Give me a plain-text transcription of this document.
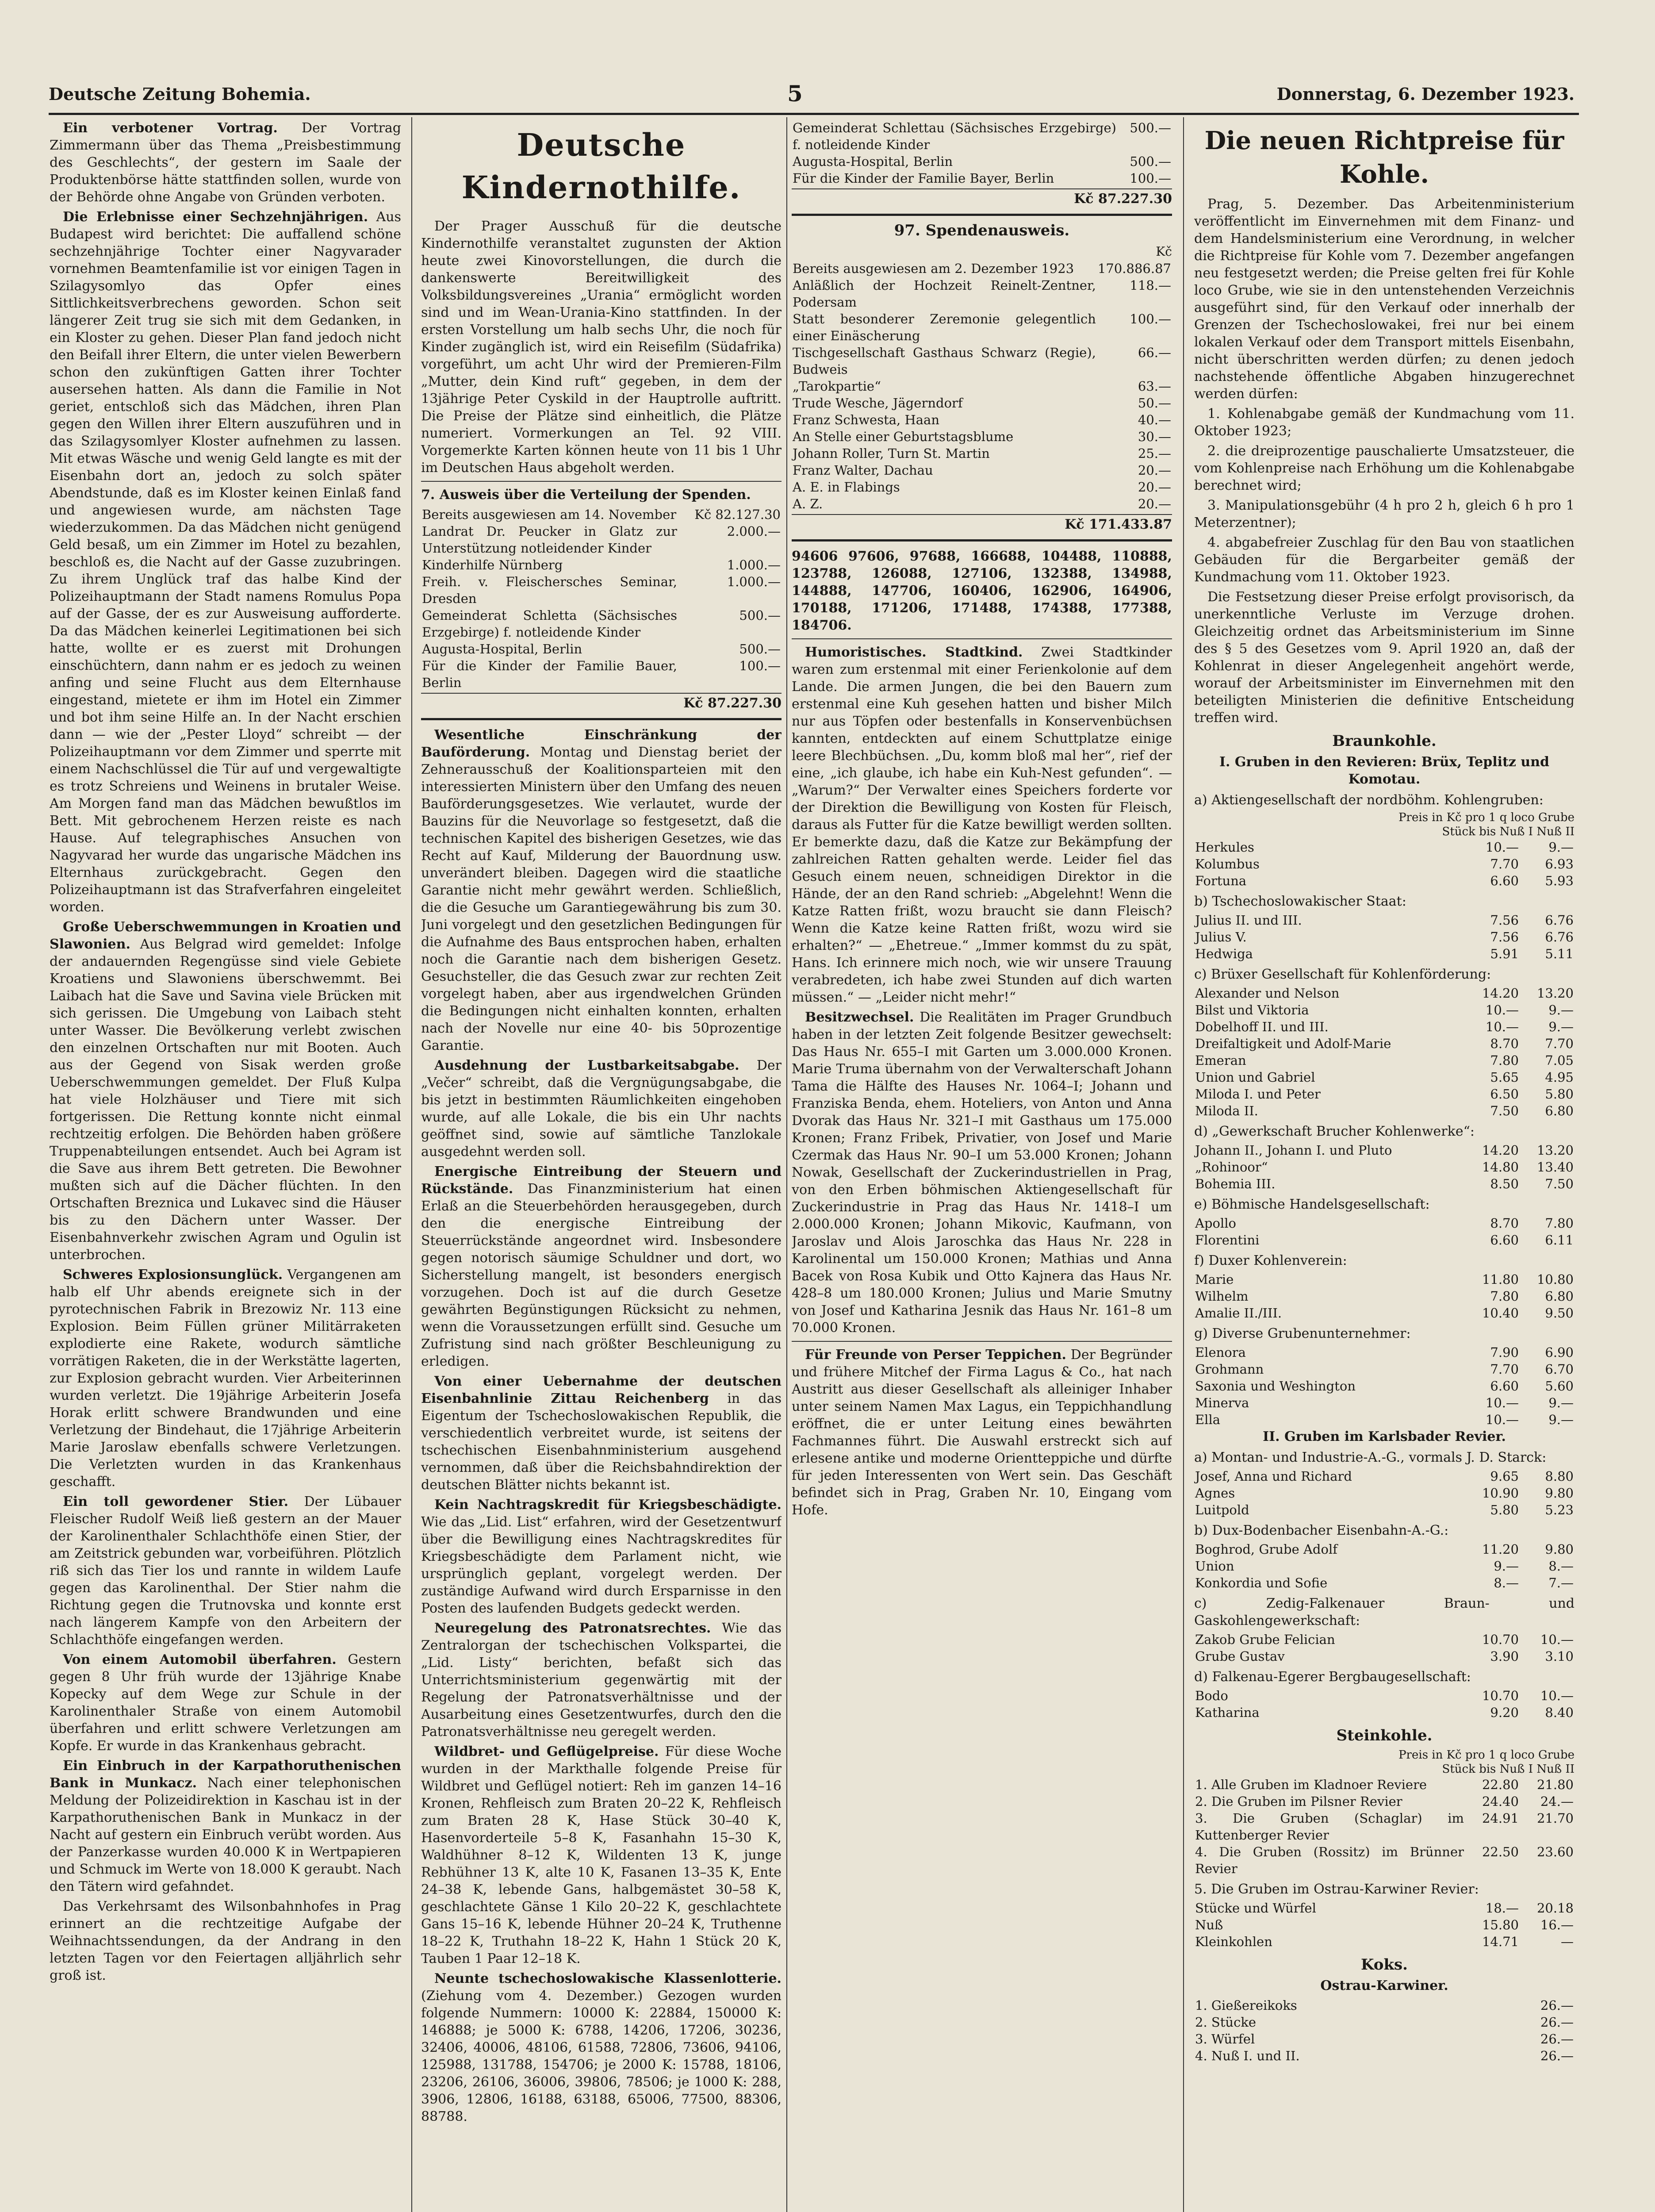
Deutsche Zeitung Bohemia.	5	Donnerstag, 6. Dezember 1923.

Ein verbotener Vortrag. Der Vortrag Zimmermann über das Thema „Preisbestimmung des Geschlechts“, der gestern im Saale der Produktenbörse hätte stattfinden sollen, wurde von der Behörde ohne Angabe von Gründen verboten.

Die Erlebnisse einer Sechzehnjährigen. Aus Budapest wird berichtet: Die auffallend schöne sechzehnjährige Tochter einer Nagyvarader vornehmen Beamtenfamilie ist vor einigen Tagen in Szilagysomlyo das Opfer eines Sittlichkeitsverbrechens geworden. Schon seit längerer Zeit trug sie sich mit dem Gedanken, in ein Kloster zu gehen. Dieser Plan fand jedoch nicht den Beifall ihrer Eltern, die unter vielen Bewerbern schon den zukünftigen Gatten ihrer Tochter ausersehen hatten. Als dann die Familie in Not geriet, entschloß sich das Mädchen, ihren Plan gegen den Willen ihrer Eltern auszuführen und in das Szilagysomlyer Kloster aufnehmen zu lassen. Mit etwas Wäsche und wenig Geld langte es mit der Eisenbahn dort an, jedoch zu solch später Abendstunde, daß es im Kloster keinen Einlaß fand und angewiesen wurde, am nächsten Tage wiederzukommen. Da das Mädchen nicht genügend Geld besaß, um ein Zimmer im Hotel zu bezahlen, beschloß es, die Nacht auf der Gasse zuzubringen. Zu ihrem Unglück traf das halbe Kind der Polizeihauptmann der Stadt namens Romulus Popa auf der Gasse, der es zur Ausweisung aufforderte. Da das Mädchen keinerlei Legitimationen bei sich hatte, wollte er es zuerst mit Drohungen einschüchtern, dann nahm er es jedoch zu weinen anfing und seine Flucht aus dem Elternhause eingestand, mietete er ihm im Hotel ein Zimmer und bot ihm seine Hilfe an. In der Nacht erschien dann — wie der „Pester Lloyd“ schreibt — der Polizeihauptmann vor dem Zimmer und sperrte mit einem Nachschlüssel die Tür auf und vergewaltigte es trotz Schreiens und Weinens in brutaler Weise. Am Morgen fand man das Mädchen bewußtlos im Bett. Mit gebrochenem Herzen reiste es nach Hause. Auf telegraphisches Ansuchen von Nagyvarad her wurde das ungarische Mädchen ins Elternhaus zurückgebracht. Gegen den Polizeihauptmann ist das Strafverfahren eingeleitet worden.

Große Ueberschwemmungen in Kroatien und Slawonien. Aus Belgrad wird gemeldet: Infolge der andauernden Regengüsse sind viele Gebiete Kroatiens und Slawoniens überschwemmt. Bei Laibach hat die Save und Savina viele Brücken mit sich gerissen. Die Umgebung von Laibach steht unter Wasser. Die Bevölkerung verlebt zwischen den einzelnen Ortschaften nur mit Booten. Auch aus der Gegend von Sisak werden große Ueberschwemmungen gemeldet. Der Fluß Kulpa hat viele Holzhäuser und Tiere mit sich fortgerissen. Die Rettung konnte nicht einmal rechtzeitig erfolgen. Die Behörden haben größere Truppenabteilungen entsendet. Auch bei Agram ist die Save aus ihrem Bett getreten. Die Bewohner mußten sich auf die Dächer flüchten. In den Ortschaften Breznica und Lukavec sind die Häuser bis zu den Dächern unter Wasser. Der Eisenbahnverkehr zwischen Agram und Ogulin ist unterbrochen.

Schweres Explosionsunglück. Vergangenen am halb elf Uhr abends ereignete sich in der pyrotechnischen Fabrik in Brezowiz Nr. 113 eine Explosion. Beim Füllen grüner Militärraketen explodierte eine Rakete, wodurch sämtliche vorrätigen Raketen, die in der Werkstätte lagerten, zur Explosion gebracht wurden. Vier Arbeiterinnen wurden verletzt. Die 19jährige Arbeiterin Josefa Horak erlitt schwere Brandwunden und eine Verletzung der Bindehaut, die 17jährige Arbeiterin Marie Jaroslaw ebenfalls schwere Verletzungen. Die Verletzten wurden in das Krankenhaus geschafft.

Ein toll gewordener Stier. Der Lübauer Fleischer Rudolf Weiß ließ gestern an der Mauer der Karolinenthaler Schlachthöfe einen Stier, der am Zeitstrick gebunden war, vorbeiführen. Plötzlich riß sich das Tier los und rannte in wildem Laufe gegen das Karolinenthal. Der Stier nahm die Richtung gegen die Trutnovska und konnte erst nach längerem Kampfe von den Arbeitern der Schlachthöfe eingefangen werden.

Von einem Automobil überfahren. Gestern gegen 8 Uhr früh wurde der 13jährige Knabe Kopecky auf dem Wege zur Schule in der Karolinenthaler Straße von einem Automobil überfahren und erlitt schwere Verletzungen am Kopfe. Er wurde in das Krankenhaus gebracht.

Ein Einbruch in der Karpathoruthenischen Bank in Munkacz. Nach einer telephonischen Meldung der Polizeidirektion in Kaschau ist in der Karpathoruthenischen Bank in Munkacz in der Nacht auf gestern ein Einbruch verübt worden. Aus der Panzerkasse wurden 40.000 K in Wertpapieren und Schmuck im Werte von 18.000 K geraubt. Nach den Tätern wird gefahndet.

Das Verkehrsamt des Wilsonbahnhofes in Prag erinnert an die rechtzeitige Aufgabe der Weihnachtssendungen, da der Andrang in den letzten Tagen vor den Feiertagen alljährlich sehr groß ist.

Deutsche Kindernothilfe.

Der Prager Ausschuß für die deutsche Kindernothilfe veranstaltet zugunsten der Aktion heute zwei Kinovorstellungen, die durch die dankenswerte Bereitwilligkeit des Volksbildungsvereines „Urania“ ermöglicht worden sind und im Wean-Urania-Kino stattfinden. In der ersten Vorstellung um halb sechs Uhr, die noch für Kinder zugänglich ist, wird ein Reisefilm (Südafrika) vorgeführt, um acht Uhr wird der Premieren-Film „Mutter, dein Kind ruft“ gegeben, in dem der 13jährige Peter Cyskild in der Hauptrolle auftritt. Die Preise der Plätze sind einheitlich, die Plätze numeriert. Vormerkungen an Tel. 92 VIII. Vorgemerkte Karten können heute von 11 bis 1 Uhr im Deutschen Haus abgeholt werden.

7. Ausweis über die Verteilung der Spenden.

Bereits ausgewiesen am 14. November	Kč 82.127.30
Landrat Dr. Peucker in Glatz zur Unterstützung notleidender Kinder	2.000.—
Kinderhilfe Nürnberg	1.000.—
Freih. v. Fleischersches Seminar, Dresden	1.000.—
Gemeinderat Schletta (Sächsisches Erzgebirge) f. notleidende Kinder	500.—
Augusta-Hospital, Berlin	500.—
Für die Kinder der Familie Bauer, Berlin	100.—
Kč 87.227.30

Wesentliche Einschränkung der Bauförderung. Montag und Dienstag beriet der Zehnerausschuß der Koalitionsparteien mit den interessierten Ministern über den Umfang des neuen Bauförderungsgesetzes. Wie verlautet, wurde der Bauzins für die Neuvorlage so festgesetzt, daß die technischen Kapitel des bisherigen Gesetzes, wie das Recht auf Kauf, Milderung der Bauordnung usw. unverändert bleiben. Dagegen wird die staatliche Garantie nicht mehr gewährt werden. Schließlich, die die Gesuche um Garantiegewährung bis zum 30. Juni vorgelegt und den gesetzlichen Bedingungen für die Aufnahme des Baus entsprochen haben, erhalten noch die Garantie nach dem bisherigen Gesetz. Gesuchsteller, die das Gesuch zwar zur rechten Zeit vorgelegt haben, aber aus irgendwelchen Gründen die Bedingungen nicht einhalten konnten, erhalten nach der Novelle nur eine 40- bis 50prozentige Garantie.

Ausdehnung der Lustbarkeitsabgabe. Der „Večer“ schreibt, daß die Vergnügungsabgabe, die bis jetzt in bestimmten Räumlichkeiten eingehoben wurde, auf alle Lokale, die bis ein Uhr nachts geöffnet sind, sowie auf sämtliche Tanzlokale ausgedehnt werden soll.

Energische Eintreibung der Steuern und Rückstände. Das Finanzministerium hat einen Erlaß an die Steuerbehörden herausgegeben, durch den die energische Eintreibung der Steuerrückstände angeordnet wird. Insbesondere gegen notorisch säumige Schuldner und dort, wo Sicherstellung mangelt, ist besonders energisch vorzugehen. Doch ist auf die durch Gesetze gewährten Begünstigungen Rücksicht zu nehmen, wenn die Voraussetzungen erfüllt sind. Gesuche um Zufristung sind nach größter Beschleunigung zu erledigen.

Von einer Uebernahme der deutschen Eisenbahnlinie Zittau Reichenberg in das Eigentum der Tschechoslowakischen Republik, die verschiedentlich verbreitet wurde, ist seitens der tschechischen Eisenbahnministerium ausgehend vernommen, daß über die Reichsbahndirektion der deutschen Blätter nichts bekannt ist.

Kein Nachtragskredit für Kriegsbeschädigte. Wie das „Lid. List“ erfahren, wird der Gesetzentwurf über die Bewilligung eines Nachtragskredites für Kriegsbeschädigte dem Parlament nicht, wie ursprünglich geplant, vorgelegt werden. Der zuständige Aufwand wird durch Ersparnisse in den Posten des laufenden Budgets gedeckt werden.

Neuregelung des Patronatsrechtes. Wie das Zentralorgan der tschechischen Volkspartei, die „Lid. Listy“ berichten, befaßt sich das Unterrichtsministerium gegenwärtig mit der Regelung der Patronatsverhältnisse und der Ausarbeitung eines Gesetzentwurfes, durch den die Patronatsverhältnisse neu geregelt werden.

Wildbret- und Geflügelpreise. Für diese Woche wurden in der Markthalle folgende Preise für Wildbret und Geflügel notiert: Reh im ganzen 14–16 Kronen, Rehfleisch zum Braten 20–22 K, Rehfleisch zum Braten 28 K, Hase Stück 30–40 K, Hasenvorderteile 5–8 K, Fasanhahn 15–30 K, Waldhühner 8–12 K, Wildenten 13 K, junge Rebhühner 13 K, alte 10 K, Fasanen 13–35 K, Ente 24–38 K, lebende Gans, halbgemästet 30–58 K, geschlachtete Gänse 1 Kilo 20–22 K, geschlachtete Gans 15–16 K, lebende Hühner 20–24 K, Truthenne 18–22 K, Truthahn 18–22 K, Hahn 1 Stück 20 K, Tauben 1 Paar 12–18 K.

Neunte tschechoslowakische Klassenlotterie. (Ziehung vom 4. Dezember.) Gezogen wurden folgende Nummern: 10000 K: 22884, 150000 K: 146888; je 5000 K: 6788, 14206, 17206, 30236, 32406, 40006, 48106, 61588, 72806, 73606, 94106, 125988, 131788, 154706; je 2000 K: 15788, 18106, 23206, 26106, 36006, 39806, 78506; je 1000 K: 288, 3906, 12806, 16188, 63188, 65006, 77500, 88306, 88788.

Gemeinderat Schlettau (Sächsisches Erzgebirge) f. notleidende Kinder	500.—
Augusta-Hospital, Berlin	500.—
Für die Kinder der Familie Bayer, Berlin	100.—
Kč 87.227.30
97. Spendenausweis.
Kč
Bereits ausgewiesen am 2. Dezember 1923	170.886.87
Anläßlich der Hochzeit Reinelt-Zentner, Podersam	118.—
Statt besonderer Zeremonie gelegentlich einer Einäscherung	100.—
Tischgesellschaft Gasthaus Schwarz (Regie), Budweis	66.—
„Tarokpartie“	63.—
Trude Wesche, Jägerndorf	50.—
Franz Schwesta, Haan	40.—
An Stelle einer Geburtstagsblume	30.—
Johann Roller, Turn St. Martin	25.—
Franz Walter, Dachau	20.—
A. E. in Flabings	20.—
A. Z.	20.—
Kč 171.433.87

94606 97606, 97688, 166688, 104488, 110888, 123788, 126088, 127106, 132388, 134988, 144888, 147706, 160406, 162906, 164906, 170188, 171206, 171488, 174388, 177388, 184706.

Humoristisches. Stadtkind. Zwei Stadtkinder waren zum erstenmal mit einer Ferienkolonie auf dem Lande. Die armen Jungen, die bei den Bauern zum erstenmal eine Kuh gesehen hatten und bisher Milch nur aus Töpfen oder bestenfalls in Konservenbüchsen kannten, entdeckten auf einem Schuttplatze einige leere Blechbüchsen. „Du, komm bloß mal her“, rief der eine, „ich glaube, ich habe ein Kuh-Nest gefunden“. — „Warum?“ Der Verwalter eines Speichers forderte vor der Direktion die Bewilligung von Kosten für Fleisch, daraus als Futter für die Katze bewilligt werden sollten. Er bemerkte dazu, daß die Katze zur Bekämpfung der zahlreichen Ratten gehalten werde. Leider fiel das Gesuch einem neuen, schneidigen Direktor in die Hände, der an den Rand schrieb: „Abgelehnt! Wenn die Katze Ratten frißt, wozu braucht sie dann Fleisch? Wenn die Katze keine Ratten frißt, wozu wird sie erhalten?“ — „Ehetreue.“ „Immer kommst du zu spät, Hans. Ich erinnere mich noch, wie wir unsere Trauung verabredeten, ich habe zwei Stunden auf dich warten müssen.“ — „Leider nicht mehr!“

Besitzwechsel. Die Realitäten im Prager Grundbuch haben in der letzten Zeit folgende Besitzer gewechselt: Das Haus Nr. 655–I mit Garten um 3.000.000 Kronen. Marie Truma übernahm von der Verwalterschaft Johann Tama die Hälfte des Hauses Nr. 1064–I; Johann und Franziska Benda, ehem. Hoteliers, von Anton und Anna Dvorak das Haus Nr. 321–I mit Gasthaus um 175.000 Kronen; Franz Fribek, Privatier, von Josef und Marie Czermak das Haus Nr. 90–I um 53.000 Kronen; Johann Nowak, Gesellschaft der Zuckerindustriellen in Prag, von den Erben böhmischen Aktiengesellschaft für Zuckerindustrie in Prag das Haus Nr. 1418–I um 2.000.000 Kronen; Johann Mikovic, Kaufmann, von Jaroslav und Alois Jaroschka das Haus Nr. 228 in Karolinental um 150.000 Kronen; Mathias und Anna Bacek von Rosa Kubik und Otto Kajnera das Haus Nr. 428–8 um 180.000 Kronen; Julius und Marie Smutny von Josef und Katharina Jesnik das Haus Nr. 161–8 um 70.000 Kronen.

Für Freunde von Perser Teppichen. Der Begründer und frühere Mitchef der Firma Lagus & Co., hat nach Austritt aus dieser Gesellschaft als alleiniger Inhaber unter seinem Namen Max Lagus, ein Teppichhandlung eröffnet, die er unter Leitung eines bewährten Fachmannes führt. Die Auswahl erstreckt sich auf erlesene antike und moderne Orientteppiche und dürfte für jeden Interessenten von Wert sein. Das Geschäft befindet sich in Prag, Graben Nr. 10, Eingang vom Hofe.

Die neuen Richtpreise für Kohle.

Prag, 5. Dezember. Das Arbeitenministerium veröffentlicht im Einvernehmen mit dem Finanz- und dem Handelsministerium eine Verordnung, in welcher die Richtpreise für Kohle vom 7. Dezember angefangen neu festgesetzt werden; die Preise gelten frei für Kohle loco Grube, wie sie in den untenstehenden Verzeichnis ausgeführt sind, für den Verkauf oder innerhalb der Grenzen der Tschechoslowakei, frei nur bei einem lokalen Verkauf oder dem Transport mittels Eisenbahn, nicht überschritten werden dürfen; zu denen jedoch nachstehende öffentliche Abgaben hinzugerechnet werden dürfen:

1. Kohlenabgabe gemäß der Kundmachung vom 11. Oktober 1923;

2. die dreiprozentige pauschalierte Umsatzsteuer, die vom Kohlenpreise nach Erhöhung um die Kohlenabgabe berechnet wird;

3. Manipulationsgebühr (4 h pro 2 h, gleich 6 h pro 1 Meterzentner);

4. abgabefreier Zuschlag für den Bau von staatlichen Gebäuden für die Bergarbeiter gemäß der Kundmachung vom 11. Oktober 1923.

Die Festsetzung dieser Preise erfolgt provisorisch, da unerkenntliche Verluste im Verzuge drohen. Gleichzeitig ordnet das Arbeitsministerium im Sinne des § 5 des Gesetzes vom 9. April 1920 an, daß der Kohlenrat in dieser Angelegenheit angehört werde, worauf der Arbeitsminister im Einvernehmen mit den beteiligten Ministerien die definitive Entscheidung treffen wird.

Braunkohle.

I. Gruben in den Revieren: Brüx, Teplitz und Komotau.

a) Aktiengesellschaft der nordböhm. Kohlengruben:

Preis in Kč pro 1 q loco Grube
Stück bis Nuß I Nuß II
Herkules	10.—	9.—
Kolumbus	7.70	6.93
Fortuna	6.60	5.93

b) Tschechoslowakischer Staat:

Julius II. und III.	7.56	6.76
Julius V.	7.56	6.76
Hedwiga	5.91	5.11

c) Brüxer Gesellschaft für Kohlenförderung:

Alexander und Nelson	14.20	13.20
Bilst und Viktoria	10.—	9.—
Dobelhoff II. und III.	10.—	9.—
Dreifaltigkeit und Adolf-Marie	8.70	7.70
Emeran	7.80	7.05
Union und Gabriel	5.65	4.95
Miloda I. und Peter	6.50	5.80
Miloda II.	7.50	6.80

d) „Gewerkschaft Brucher Kohlenwerke“:

Johann II., Johann I. und Pluto	14.20	13.20
„Rohinoor“	14.80	13.40
Bohemia III.	8.50	7.50

e) Böhmische Handelsgesellschaft:

Apollo	8.70	7.80
Florentini	6.60	6.11

f) Duxer Kohlenverein:

Marie	11.80	10.80
Wilhelm	7.80	6.80
Amalie II./III.	10.40	9.50

g) Diverse Grubenunternehmer:

Elenora	7.90	6.90
Grohmann	7.70	6.70
Saxonia und Weshington	6.60	5.60
Minerva	10.—	9.—
Ella	10.—	9.—

II. Gruben im Karlsbader Revier.

a) Montan- und Industrie-A.-G., vormals J. D. Starck:

Josef, Anna und Richard	9.65	8.80
Agnes	10.90	9.80
Luitpold	5.80	5.23

b) Dux-Bodenbacher Eisenbahn-A.-G.:

Boghrod, Grube Adolf	11.20	9.80
Union	9.—	8.—
Konkordia und Sofie	8.—	7.—

c) Zedig-Falkenauer Braun- und Gaskohlengewerkschaft:

Zakob Grube Felician	10.70	10.—
Grube Gustav	3.90	3.10

d) Falkenau-Egerer Bergbaugesellschaft:

Bodo	10.70	10.—
Katharina	9.20	8.40
Steinkohle.
Preis in Kč pro 1 q loco Grube
Stück bis Nuß I Nuß II
1. Alle Gruben im Kladnoer Reviere	22.80	21.80
2. Die Gruben im Pilsner Revier	24.40	24.—
3. Die Gruben (Schaglar) im Kuttenberger Revier	24.91	21.70
4. Die Gruben (Rossitz) im Brünner Revier	22.50	23.60

5. Die Gruben im Ostrau-Karwiner Revier:

Stücke und Würfel	18.—	20.18
Nuß	15.80	16.—
Kleinkohlen	14.71	—
Koks.

Ostrau-Karwiner.

1. Gießereikoks	26.—
2. Stücke	26.—
3. Würfel	26.—
4. Nuß I. und II.	26.—
